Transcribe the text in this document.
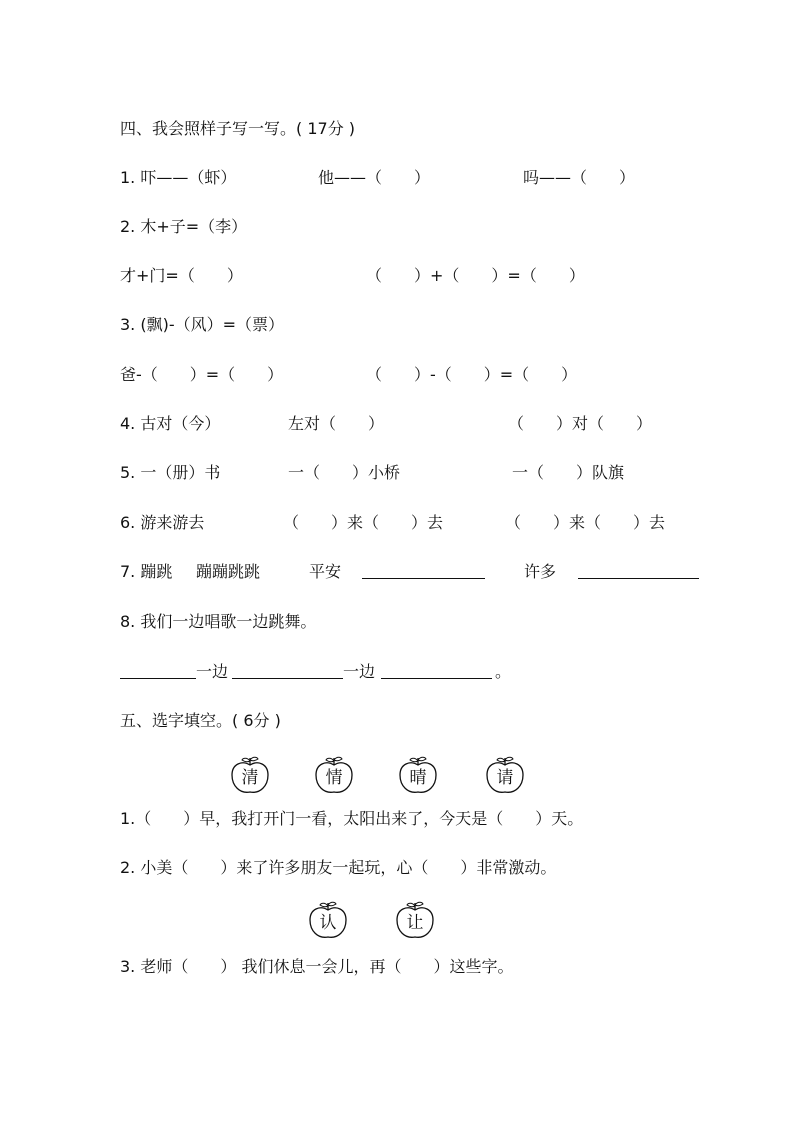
四、我会照样子写一写。( 17分 )
1. 吓——（虾）	他——（　　）	吗——（　　）
2. 木+子=（李）
才+门=（　　）	（　　）+（　　）=（　　）
3. (飘)-（风）=（票）
爸-（　　）=（　　）	（　　）-（　　）=（　　）
4. 古对（今）	左对（　　）	（　　）对（　　）
5. 一（册）书	一（　　）小桥	一（　　）队旗
6. 游来游去	（　　）来（　　）去	（　　）来（　　）去
7. 蹦跳 蹦蹦跳跳	平安	许多
8. 我们一边唱歌一边跳舞。
一边	一边	。
五、选字填空。( 6分 )
清	情	晴	请
1.（　　）早，我打开门一看，太阳出来了，今天是（　　）天。
2. 小美（　　）来了许多朋友一起玩，心（　　）非常激动。
认	让
3. 老师（　　） 我们休息一会儿，再（　　）这些字。
